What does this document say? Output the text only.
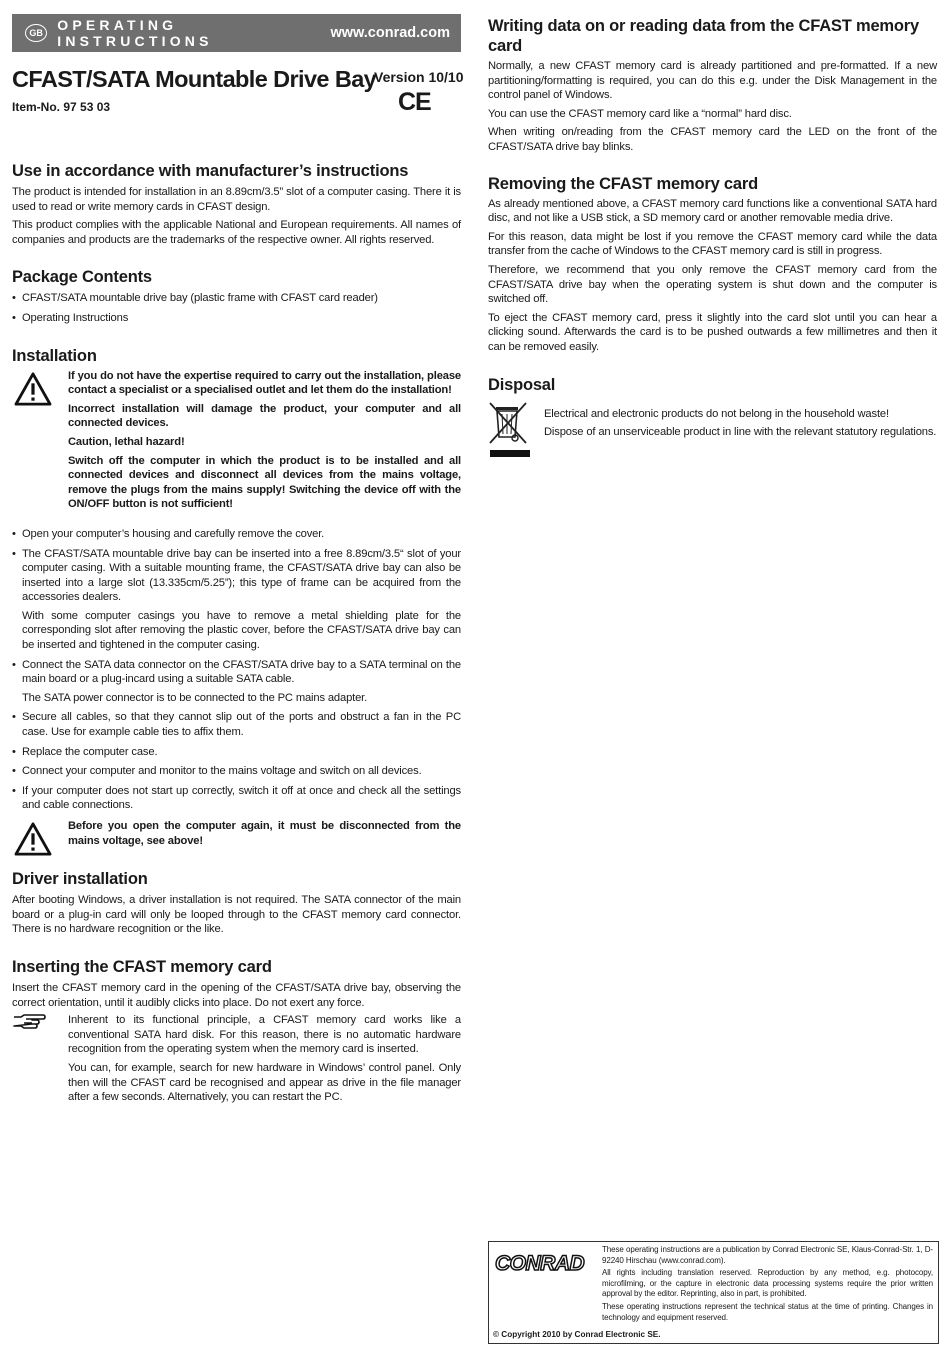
GB	OPERATING INSTRUCTIONS	www.conrad.com
CFAST/SATA Mountable Drive Bay
Version 10/10
CE
Item-No. 97 53 03
Use in accordance with manufacturer’s instructions

The product is intended for installation in an 8.89cm/3.5” slot of a computer casing. There it is used to read or write memory cards in CFAST design.

This product complies with the applicable National and European requirements. All names of companies and products are the trademarks of the respective owner. All rights reserved.

Package Contents
• CFAST/SATA mountable drive bay (plastic frame with CFAST card reader)
• Operating Instructions
Installation

If you do not have the expertise required to carry out the installation, please contact a specialist or a specialised outlet and let them do the installation!

Incorrect installation will damage the product, your computer and all connected devices.

Caution, lethal hazard!

Switch off the computer in which the product is to be installed and all connected devices and disconnect all devices from the mains voltage, remove the plugs from the mains supply! Switching the device off with the ON/OFF button is not sufficient!

• Open your computer’s housing and carefully remove the cover.
• The CFAST/SATA mountable drive bay can be inserted into a free 8.89cm/3.5“ slot of your computer casing. With a suitable mounting frame, the CFAST/SATA drive bay can also be inserted into a large slot (13.335cm/5.25”); this type of frame can be acquired from the accessories dealers.

With some computer casings you have to remove a metal shielding plate for the corresponding slot after removing the plastic cover, before the CFAST/SATA drive bay can be inserted and tightened in the computer casing.

• Connect the SATA data connector on the CFAST/SATA drive bay to a SATA terminal on the main board or a plug-incard using a suitable SATA cable.

The SATA power connector is to be connected to the PC mains adapter.

• Secure all cables, so that they cannot slip out of the ports and obstruct a fan in the PC case. Use for example cable ties to affix them.
• Replace the computer case.
• Connect your computer and monitor to the mains voltage and switch on all devices.
• If your computer does not start up correctly, switch it off at once and check all the settings and cable connections.

Before you open the computer again, it must be disconnected from the mains voltage, see above!

Driver installation

After booting Windows, a driver installation is not required. The SATA connector of the main board or a plug-in card will only be looped through to the CFAST memory card connector. There is no hardware recognition or the like.

Inserting the CFAST memory card

Insert the CFAST memory card in the opening of the CFAST/SATA drive bay, observing the correct orientation, until it audibly clicks into place. Do not exert any force.

Inherent to its functional principle, a CFAST memory card works like a conventional SATA hard disk. For this reason, there is no automatic hardware recognition from the operating system when the memory card is inserted.

You can, for example, search for new hardware in Windows’ control panel. Only then will the CFAST card be recognised and appear as drive in the file manager after a few seconds. Alternatively, you can restart the PC.

Writing data on or reading data from the CFAST memory card

Normally, a new CFAST memory card is already partitioned and pre-formatted. If a new partitioning/formatting is required, you can do this e.g. under the Disk Management in the control panel of Windows.

You can use the CFAST memory card like a “normal” hard disc.

When writing on/reading from the CFAST memory card the LED on the front of the CFAST/SATA drive bay blinks.

Removing the CFAST memory card

As already mentioned above, a CFAST memory card functions like a conventional SATA hard disc, and not like a USB stick, a SD memory card or another removable media drive.

For this reason, data might be lost if you remove the CFAST memory card while the data transfer from the cache of Windows to the CFAST memory card is still in progress.

Therefore, we recommend that you only remove the CFAST memory card from the CFAST/SATA drive bay when the operating system is shut down and the computer is switched off.

To eject the CFAST memory card, press it slightly into the card slot until you can hear a clicking sound. Afterwards the card is to be pushed outwards a few millimetres and then it can be removed easily.

Disposal

Electrical and electronic products do not belong in the household waste!

Dispose of an unserviceable product in line with the relevant statutory regulations.

CONRAD

These operating instructions are a publication by Conrad Electronic SE, Klaus-Conrad-Str. 1, D-92240 Hirschau (www.conrad.com).

All rights including translation reserved. Reproduction by any method, e.g. photocopy, microfilming, or the capture in electronic data processing systems require the prior written approval by the editor. Reprinting, also in part, is prohibited.

These operating instructions represent the technical status at the time of printing. Changes in technology and equipment reserved.

© Copyright 2010 by Conrad Electronic SE.
